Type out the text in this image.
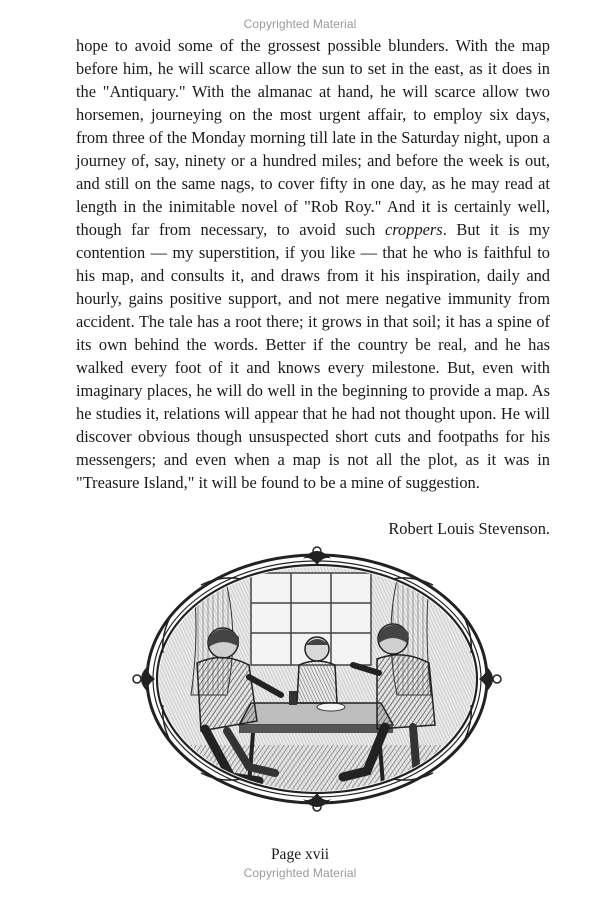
Copyrighted Material

hope to avoid some of the grossest possible blunders. With the map before him, he will scarce allow the sun to set in the east, as it does in the "Antiquary." With the almanac at hand, he will scarce allow two horsemen, journeying on the most urgent affair, to employ six days, from three of the Monday morning till late in the Saturday night, upon a journey of, say, ninety or a hundred miles; and before the week is out, and still on the same nags, to cover fifty in one day, as he may read at length in the inimitable novel of "Rob Roy." And it is certainly well, though far from necessary, to avoid such croppers. But it is my contention — my superstition, if you like — that he who is faithful to his map, and consults it, and draws from it his inspiration, daily and hourly, gains positive support, and not mere negative immunity from accident. The tale has a root there; it grows in that soil; it has a spine of its own behind the words. Better if the country be real, and he has walked every foot of it and knows every milestone. But, even with imaginary places, he will do well in the beginning to provide a map. As he studies it, relations will appear that he had not thought upon. He will discover obvious though unsuspected short cuts and footpaths for his messengers; and even when a map is not all the plot, as it was in "Treasure Island," it will be found to be a mine of suggestion.

Robert Louis Stevenson.

Page xvii

Copyrighted Material
